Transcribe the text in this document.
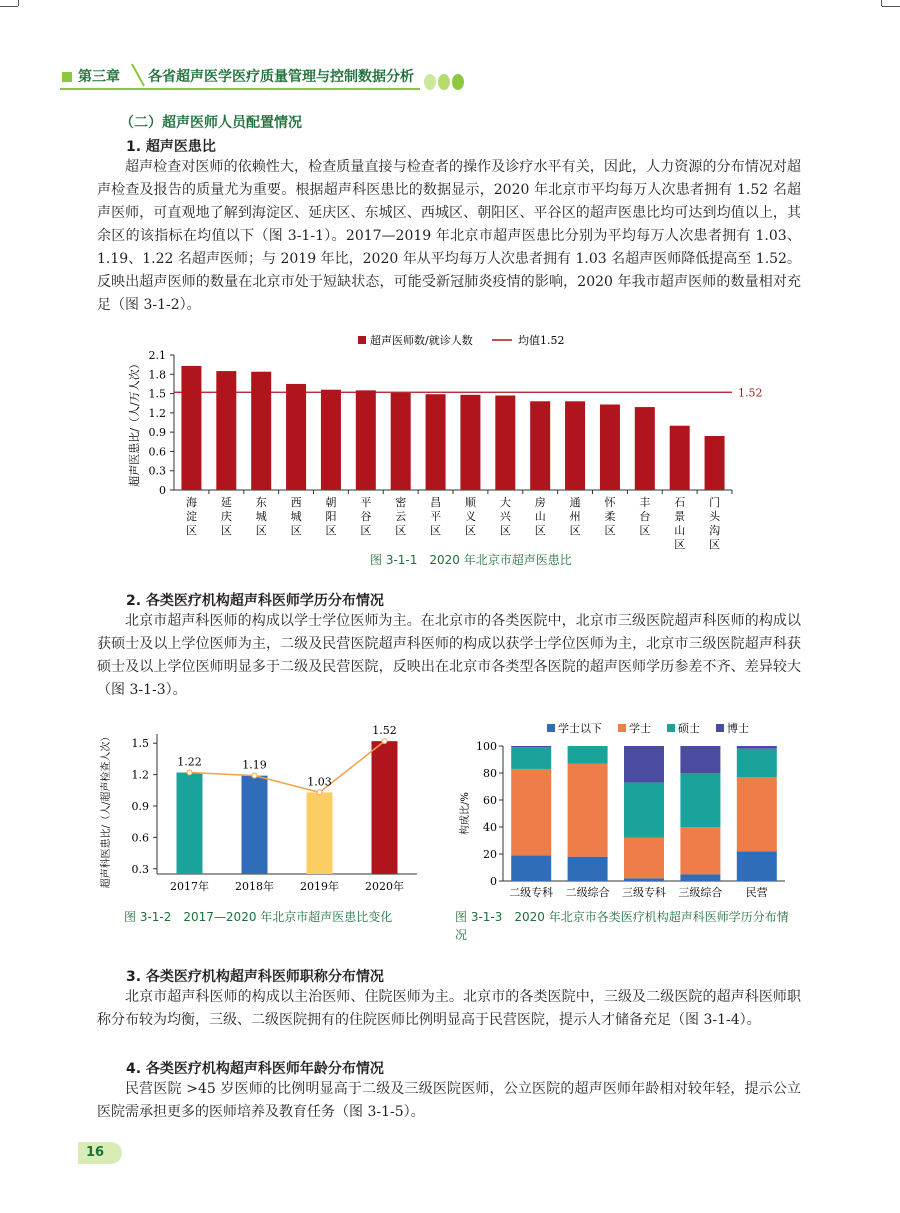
第三章 各省超声医学医疗质量管理与控制数据分析
（二）超声医师人员配置情况
1. 超声医患比

超声检查对医师的依赖性大，检查质量直接与检查者的操作及诊疗水平有关，因此，人力资源的分布情况对超声检查及报告的质量尤为重要。根据超声科医患比的数据显示，2020 年北京市平均每万人次患者拥有 1.52 名超声医师，可直观地了解到海淀区、延庆区、东城区、西城区、朝阳区、平谷区的超声医患比均可达到均值以上，其余区的该指标在均值以下（图 3-1-1）。2017—2019 年北京市超声医患比分别为平均每万人次患者拥有 1.03、1.19、1.22 名超声医师；与 2019 年比，2020 年从平均每万人次患者拥有 1.03 名超声医师降低提高至 1.52。反映出超声医师的数量在北京市处于短缺状态，可能受新冠肺炎疫情的影响，2020 年我市超声医师的数量相对充足（图 3-1-2）。

超声医师数/就诊人数	均值1.52
0
0.3
0.6
0.9
1.2
1.5
1.8
2.1
超声医患比/（人/万人次）
海
淀
区
延
庆
区
东
城
区
西
城
区
朝
阳
区
平
谷
区
密
云
区
昌
平
区
顺
义
区
大
兴
区
房
山
区
通
州
区
怀
柔
区
丰
台
区
石
景
山
区
门
头
沟
区
1.52
图 3-1-1　2020 年北京市超声医患比
2. 各类医疗机构超声科医师学历分布情况

北京市超声科医师的构成以学士学位医师为主。在北京市的各类医院中，北京市三级医院超声科医师的构成以获硕士及以上学位医师为主，二级及民营医院超声科医师的构成以获学士学位医师为主，北京市三级医院超声科获硕士及以上学位医师明显多于二级及民营医院，反映出在北京市各类型各医院的超声医师学历参差不齐、差异较大（图 3-1-3）。

0.3
0.6
0.9
1.2
1.5
超声科医患比/（人/超声检查人次）	2017年 2018年 2019年 2020年
1.22	1.19
1.03
1.52
图 3-1-2　2017—2020 年北京市超声医患比变化
学士以下 学士 硕士 博士
0
20
40
60
80
100
构成比/%
二级专科 二级综合 三级专科 三级综合 民营
图 3-1-3　2020 年北京市各类医疗机构超声科医师学历分布情况
3. 各类医疗机构超声科医师职称分布情况

北京市超声科医师的构成以主治医师、住院医师为主。北京市的各类医院中，三级及二级医院的超声科医师职称分布较为均衡，三级、二级医院拥有的住院医师比例明显高于民营医院，提示人才储备充足（图 3-1-4）。

4. 各类医疗机构超声科医师年龄分布情况

民营医院 >45 岁医师的比例明显高于二级及三级医院医师，公立医院的超声医师年龄相对较年轻，提示公立医院需承担更多的医师培养及教育任务（图 3-1-5）。

16
